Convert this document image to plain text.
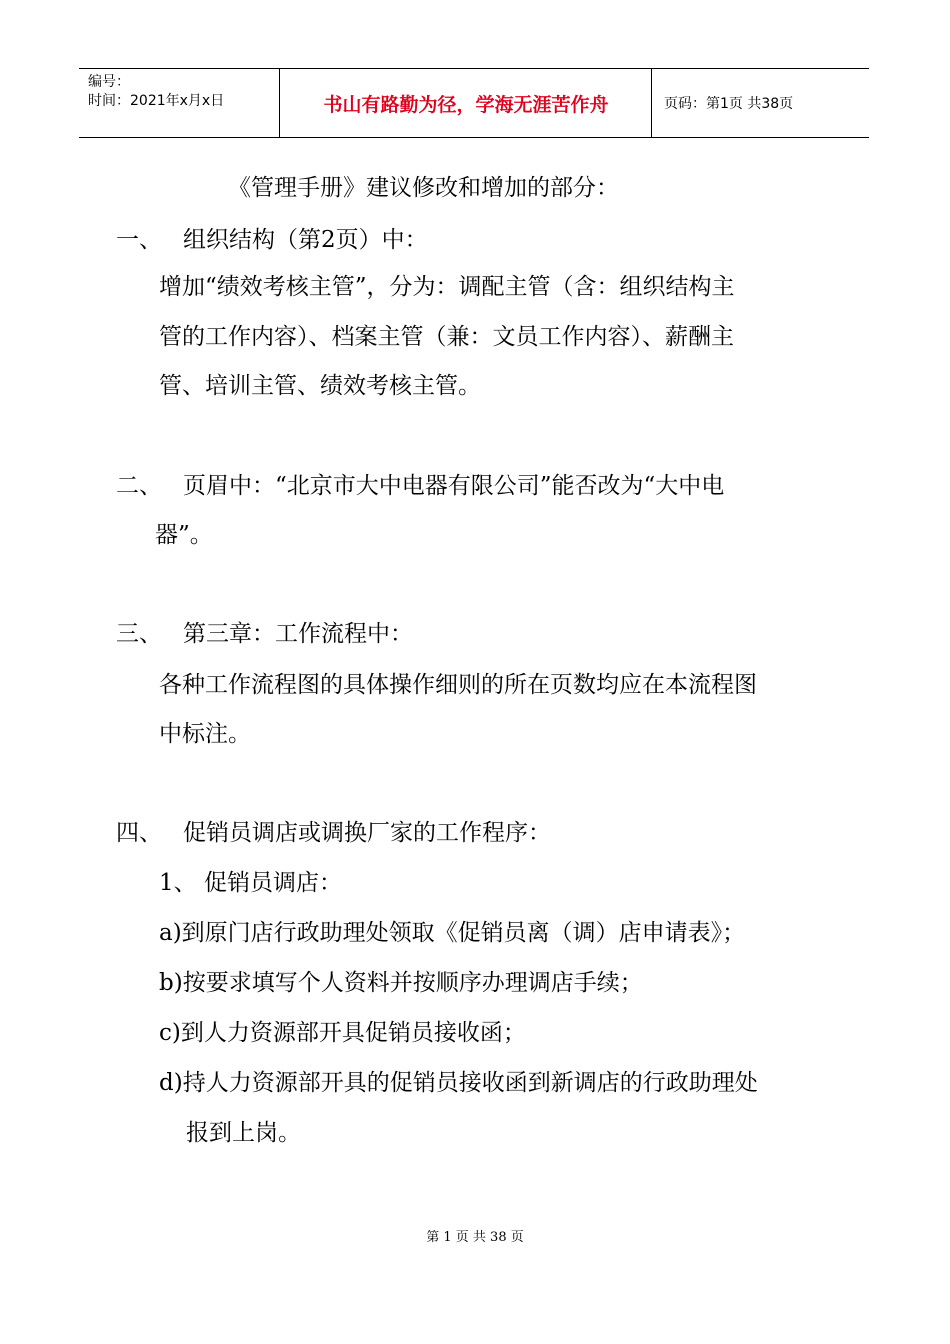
编号：
时间：2021年x月x日	书山有路勤为径，学海无涯苦作舟	页码：第1页 共38页
《管理手册》建议修改和增加的部分：
一、 组织结构（第2页）中：
增加“绩效考核主管”，分为：调配主管（含：组织结构主
管的工作内容）、档案主管（兼：文员工作内容）、薪酬主
管、培训主管、绩效考核主管。
二、 页眉中：“北京市大中电器有限公司”能否改为“大中电
器”。
三、 第三章：工作流程中：
各种工作流程图的具体操作细则的所在页数均应在本流程图
中标注。
四、 促销员调店或调换厂家的工作程序：
1、 促销员调店：
a)到原门店行政助理处领取《促销员离（调）店申请表》；
b)按要求填写个人资料并按顺序办理调店手续；
c)到人力资源部开具促销员接收函；
d)持人力资源部开具的促销员接收函到新调店的行政助理处
报到上岗。
第 1 页 共 38 页
